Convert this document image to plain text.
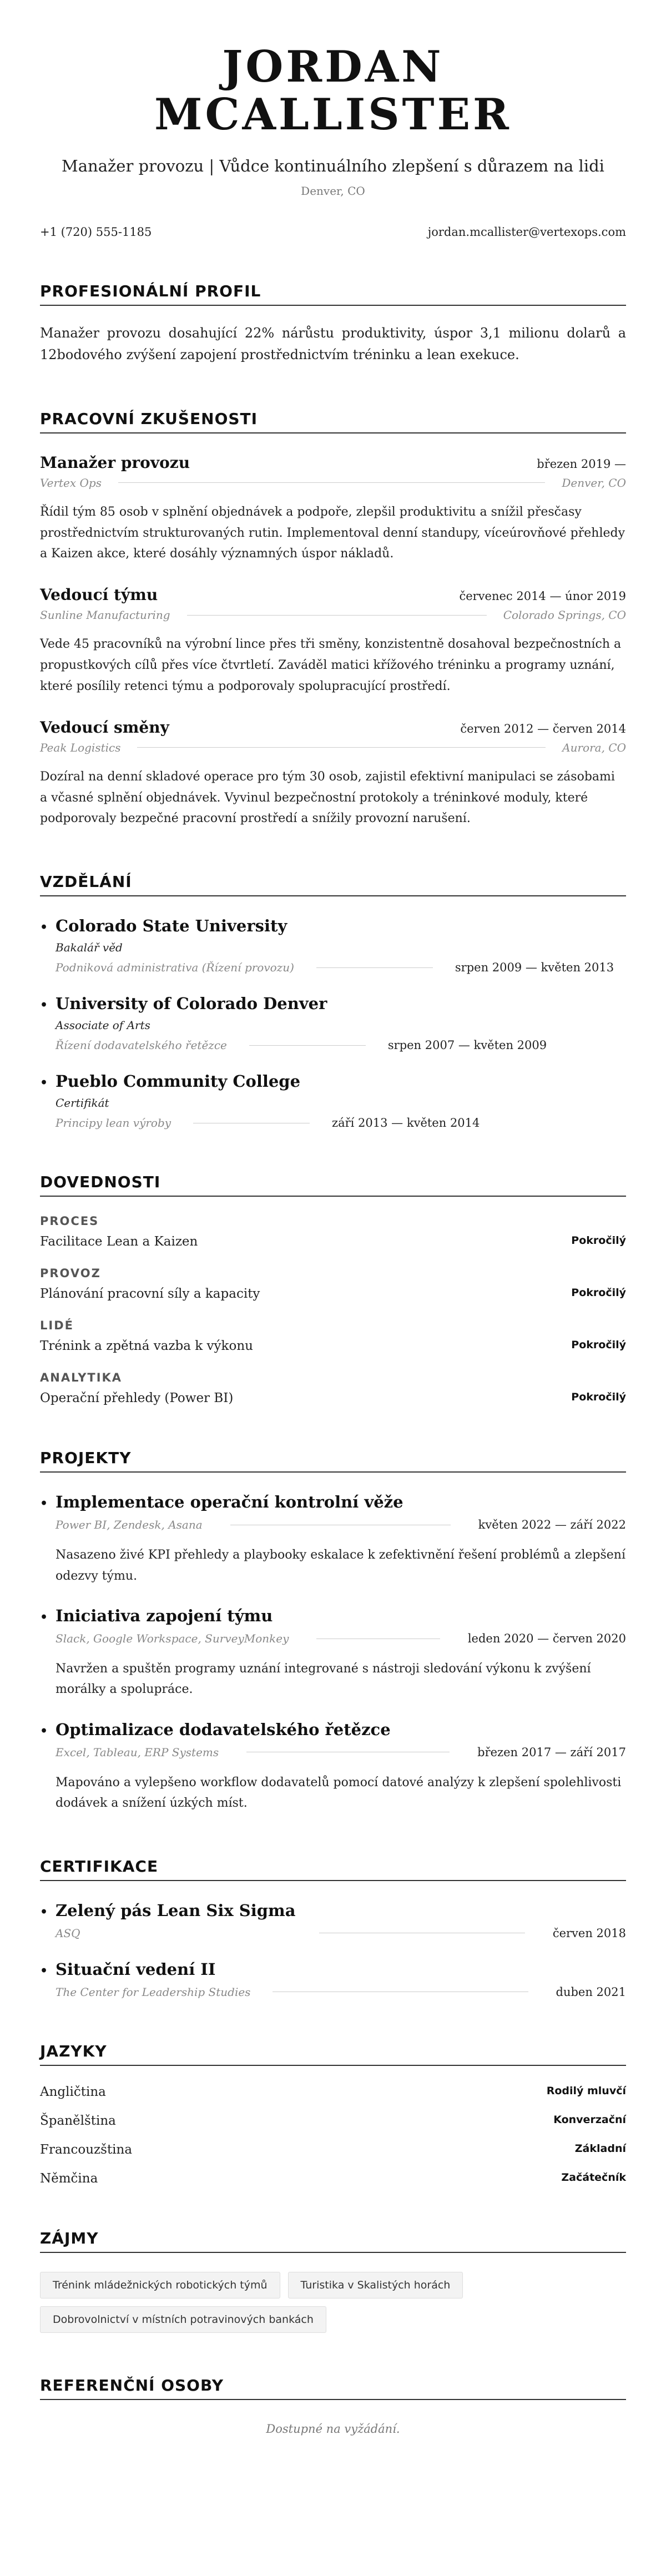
JORDAN MCALLISTER
Manažer provozu | Vůdce kontinuálního zlepšení s důrazem na lidi
Denver, CO
+1 (720) 555-1185	jordan.mcallister@vertexops.com
PROFESIONÁLNÍ PROFIL

Manažer provozu dosahující 22% nárůstu produktivity, úspor 3,1 milionu dolarů a 12bodového zvýšení zapojení prostřednictvím tréninku a lean exekuce.

PRACOVNÍ ZKUŠENOSTI
Manažer provozu	březen 2019 —
Vertex Ops	Denver, CO
Řídil tým 85 osob v splnění objednávek a podpoře, zlepšil produktivitu a snížil přesčasy prostřednictvím strukturovaných rutin. Implementoval denní standupy, víceúrovňové přehledy a Kaizen akce, které dosáhly významných úspor nákladů.
Vedoucí týmu	červenec 2014 — únor 2019
Sunline Manufacturing	Colorado Springs, CO
Vede 45 pracovníků na výrobní lince přes tři směny, konzistentně dosahoval bezpečnostních a propustkových cílů přes více čtvrtletí. Zaváděl matici křížového tréninku a programy uznání, které posílily retenci týmu a podporovaly spolupracující prostředí.
Vedoucí směny	červen 2012 — červen 2014
Peak Logistics	Aurora, CO
Dozíral na denní skladové operace pro tým 30 osob, zajistil efektivní manipulaci se zásobami a včasné splnění objednávek. Vyvinul bezpečnostní protokoly a tréninkové moduly, které podporovaly bezpečné pracovní prostředí a snížily provozní narušení.
VZDĚLÁNÍ
• Colorado State University
Bakalář věd
Podniková administrativa (Řízení provozu)	srpen 2009 — květen 2013
• University of Colorado Denver
Associate of Arts
Řízení dodavatelského řetězce	srpen 2007 — květen 2009
• Pueblo Community College
Certifikát
Principy lean výroby	září 2013 — květen 2014
DOVEDNOSTI
PROCES
Facilitace Lean a Kaizen	Pokročilý
PROVOZ
Plánování pracovní síly a kapacity	Pokročilý
LIDÉ
Trénink a zpětná vazba k výkonu	Pokročilý
ANALYTIKA
Operační přehledy (Power BI)	Pokročilý
PROJEKTY
• Implementace operační kontrolní věže
Power BI, Zendesk, Asana	květen 2022 — září 2022
Nasazeno živé KPI přehledy a playbooky eskalace k zefektivnění řešení problémů a zlepšení odezvy týmu.
• Iniciativa zapojení týmu
Slack, Google Workspace, SurveyMonkey	leden 2020 — červen 2020
Navržen a spuštěn programy uznání integrované s nástroji sledování výkonu k zvýšení morálky a spolupráce.
• Optimalizace dodavatelského řetězce
Excel, Tableau, ERP Systems	březen 2017 — září 2017
Mapováno a vylepšeno workflow dodavatelů pomocí datové analýzy k zlepšení spolehlivosti dodávek a snížení úzkých míst.
CERTIFIKACE
• Zelený pás Lean Six Sigma
ASQ	červen 2018
• Situační vedení II
The Center for Leadership Studies	duben 2021
JAZYKY
Angličtina	Rodilý mluvčí
Španělština	Konverzační
Francouzština	Základní
Němčina	Začátečník
ZÁJMY
Trénink mládežnických robotických týmů	Turistika v Skalistých horách
Dobrovolnictví v místních potravinových bankách
REFERENČNÍ OSOBY
Dostupné na vyžádání.
